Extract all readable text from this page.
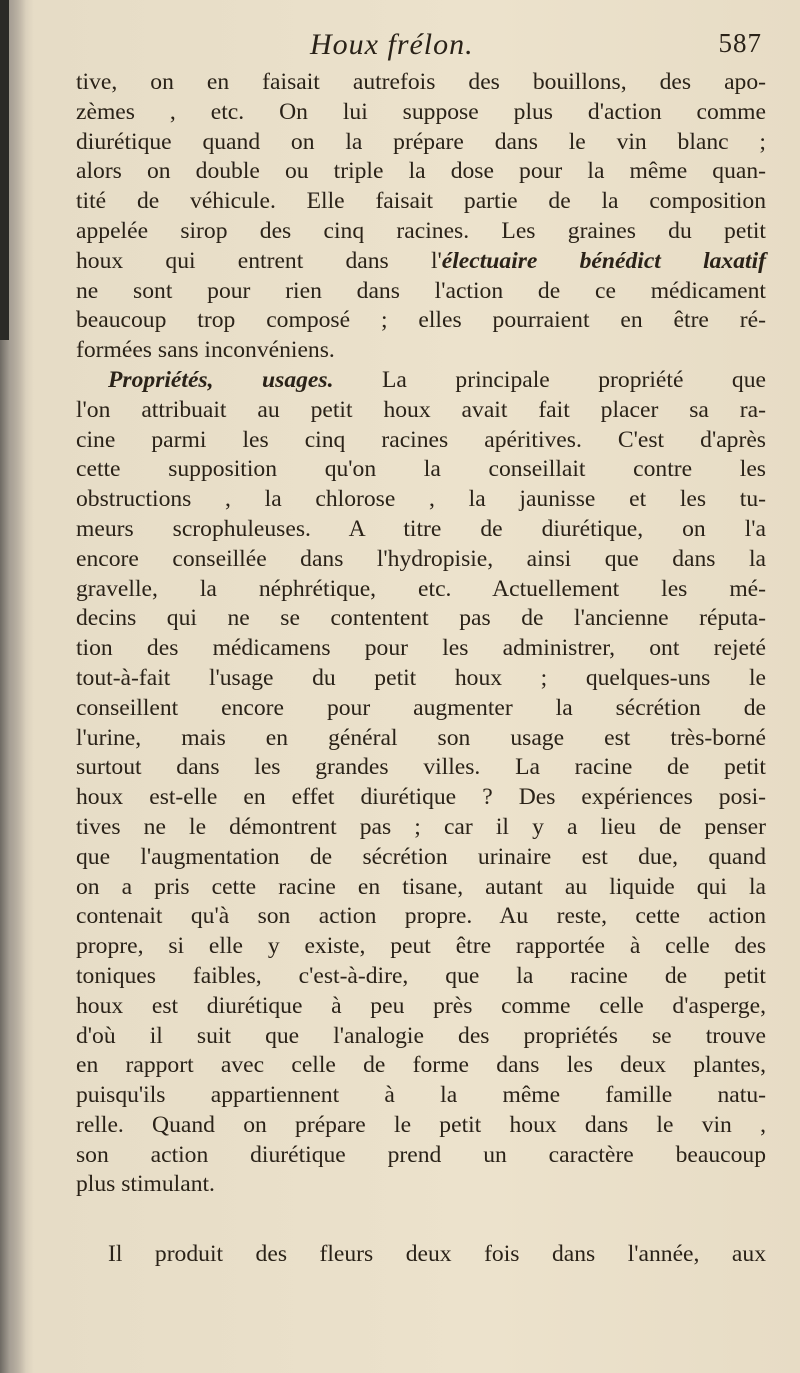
Houx frélon.	587
tive, on en faisait autrefois des bouillons, des apo-
zèmes , etc. On lui suppose plus d'action comme
diurétique quand on la prépare dans le vin blanc ;
alors on double ou triple la dose pour la même quan-
tité de véhicule. Elle faisait partie de la composition
appelée sirop des cinq racines. Les graines du petit
houx qui entrent dans l'électuaire bénédict laxatif
ne sont pour rien dans l'action de ce médicament
beaucoup trop composé ; elles pourraient en être ré-
formées sans inconvéniens.
Propriétés, usages. La principale propriété que
l'on attribuait au petit houx avait fait placer sa ra-
cine parmi les cinq racines apéritives. C'est d'après
cette supposition qu'on la conseillait contre les
obstructions , la chlorose , la jaunisse et les tu-
meurs scrophuleuses. A titre de diurétique, on l'a
encore conseillée dans l'hydropisie, ainsi que dans la
gravelle, la néphrétique, etc. Actuellement les mé-
decins qui ne se contentent pas de l'ancienne réputa-
tion des médicamens pour les administrer, ont rejeté
tout-à-fait l'usage du petit houx ; quelques-uns le
conseillent encore pour augmenter la sécrétion de
l'urine, mais en général son usage est très-borné
surtout dans les grandes villes. La racine de petit
houx est-elle en effet diurétique ? Des expériences posi-
tives ne le démontrent pas ; car il y a lieu de penser
que l'augmentation de sécrétion urinaire est due, quand
on a pris cette racine en tisane, autant au liquide qui la
contenait qu'à son action propre. Au reste, cette action
propre, si elle y existe, peut être rapportée à celle des
toniques faibles, c'est-à-dire, que la racine de petit
houx est diurétique à peu près comme celle d'asperge,
d'où il suit que l'analogie des propriétés se trouve
en rapport avec celle de forme dans les deux plantes,
puisqu'ils appartiennent à la même famille natu-
relle. Quand on prépare le petit houx dans le vin ,
son action diurétique prend un caractère beaucoup
plus stimulant.
Il produit des fleurs deux fois dans l'année, aux
